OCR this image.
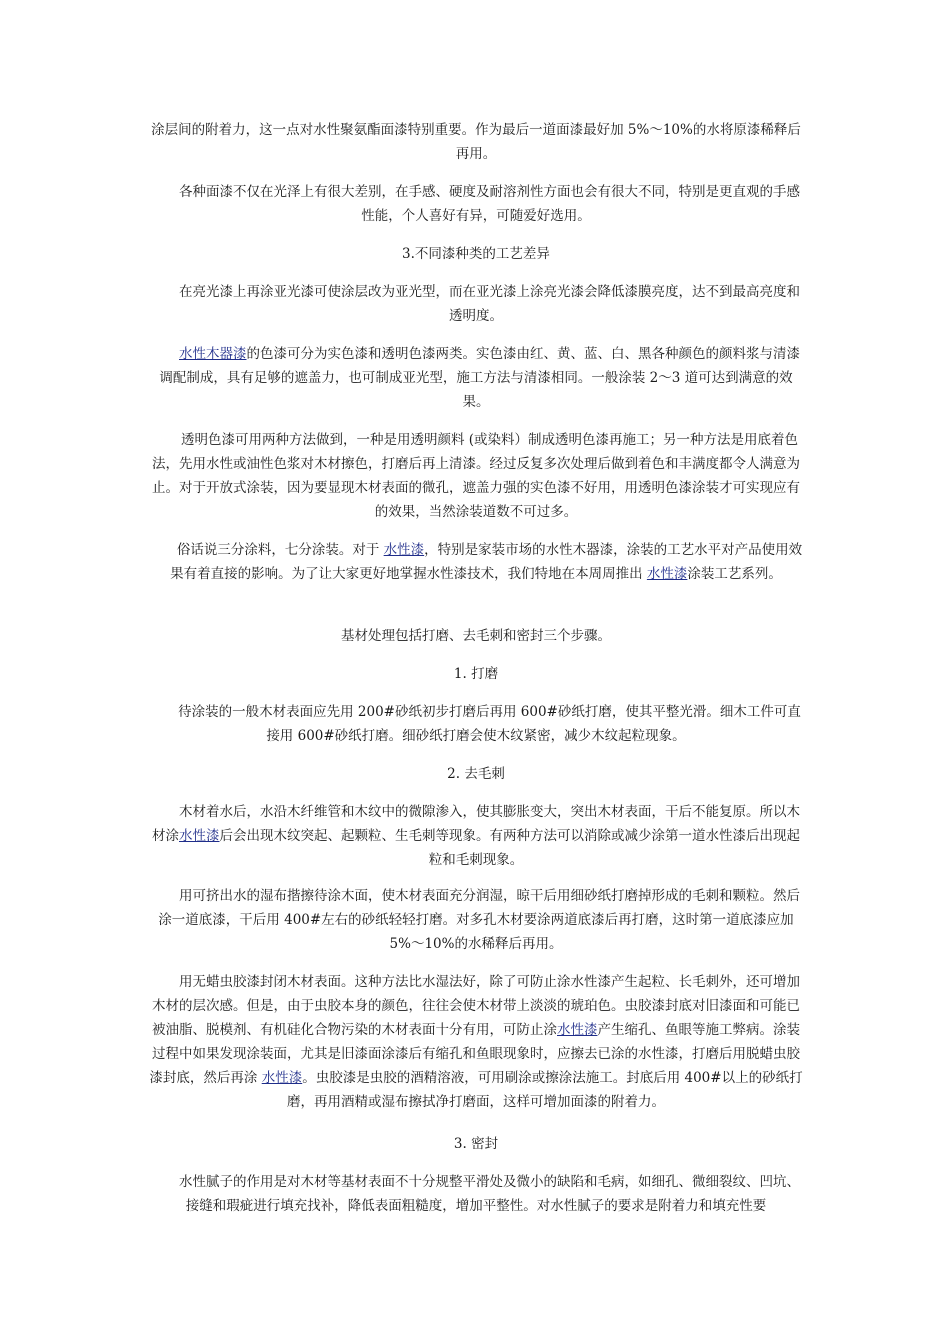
涂层间的附着力，这一点对水性聚氨酯面漆特别重要。作为最后一道面漆最好加 5%～10%的水将原漆稀释后再用。

各种面漆不仅在光泽上有很大差别，在手感、硬度及耐溶剂性方面也会有很大不同，特别是更直观的手感性能，个人喜好有异，可随爱好选用。

3.不同漆种类的工艺差异

在亮光漆上再涂亚光漆可使涂层改为亚光型，而在亚光漆上涂亮光漆会降低漆膜亮度，达不到最高亮度和透明度。

水性木器漆的色漆可分为实色漆和透明色漆两类。实色漆由红、黄、蓝、白、黑各种颜色的颜料浆与清漆调配制成，具有足够的遮盖力，也可制成亚光型，施工方法与清漆相同。一般涂装 2～3 道可达到满意的效果。

透明色漆可用两种方法做到，一种是用透明颜料 (或染料）制成透明色漆再施工；另一种方法是用底着色法，先用水性或油性色浆对木材擦色，打磨后再上清漆。经过反复多次处理后做到着色和丰满度都令人满意为止。对于开放式涂装，因为要显现木材表面的微孔，遮盖力强的实色漆不好用，用透明色漆涂装才可实现应有的效果，当然涂装道数不可过多。

俗话说三分涂料，七分涂装。对于 水性漆，特别是家装市场的水性木器漆，涂装的工艺水平对产品使用效果有着直接的影响。为了让大家更好地掌握水性漆技术，我们特地在本周周推出 水性漆涂装工艺系列。

基材处理包括打磨、去毛刺和密封三个步骤。

1. 打磨

待涂装的一般木材表面应先用 200#砂纸初步打磨后再用 600#砂纸打磨，使其平整光滑。细木工件可直接用 600#砂纸打磨。细砂纸打磨会使木纹紧密，减少木纹起粒现象。

2. 去毛刺

木材着水后，水沿木纤维管和木纹中的微隙渗入，使其膨胀变大，突出木材表面，干后不能复原。所以木材涂水性漆后会出现木纹突起、起颗粒、生毛刺等现象。有两种方法可以消除或减少涂第一道水性漆后出现起粒和毛刺现象。

用可挤出水的湿布揩擦待涂木面，使木材表面充分润湿，晾干后用细砂纸打磨掉形成的毛刺和颗粒。然后涂一道底漆，干后用 400#左右的砂纸轻轻打磨。对多孔木材要涂两道底漆后再打磨，这时第一道底漆应加 5%～10%的水稀释后再用。

用无蜡虫胶漆封闭木材表面。这种方法比水湿法好，除了可防止涂水性漆产生起粒、长毛刺外，还可增加木材的层次感。但是，由于虫胶本身的颜色，往往会使木材带上淡淡的琥珀色。虫胶漆封底对旧漆面和可能已被油脂、脱模剂、有机硅化合物污染的木材表面十分有用，可防止涂水性漆产生缩孔、鱼眼等施工弊病。涂装过程中如果发现涂装面，尤其是旧漆面涂漆后有缩孔和鱼眼现象时，应擦去已涂的水性漆，打磨后用脱蜡虫胶漆封底，然后再涂 水性漆。虫胶漆是虫胶的酒精溶液，可用刷涂或擦涂法施工。封底后用 400#以上的砂纸打磨，再用酒精或湿布擦拭净打磨面，这样可增加面漆的附着力。

3. 密封

水性腻子的作用是对木材等基材表面不十分规整平滑处及微小的缺陷和毛病，如细孔、微细裂纹、凹坑、接缝和瑕疵进行填充找补，降低表面粗糙度，增加平整性。对水性腻子的要求是附着力和填充性要
